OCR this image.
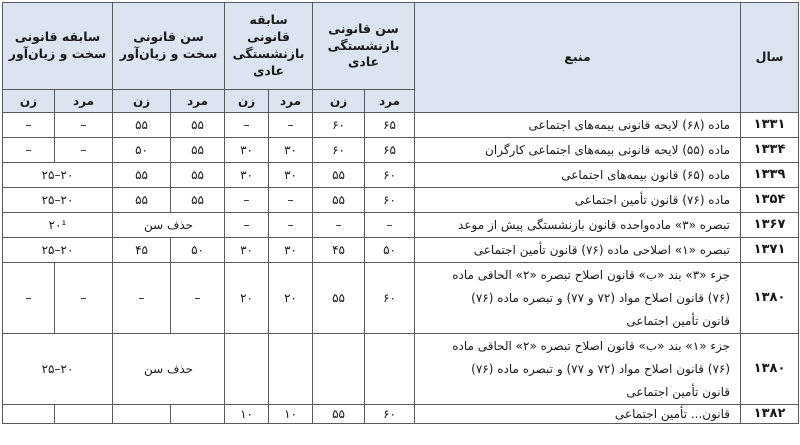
سال	منبع	سن قانونی بازنشستگی عادی		سابقه قانونی بازنشستگی عادی		سن قانونی سخت و زیان‌آور		سابقه قانونی سخت و زیان‌آور	
		مرد	زن	مرد	زن	مرد	زن	مرد	زن
۱۳۳۱	ماده (۶۸) لایحه قانونی بیمه‌های اجتماعی	۶۵	۶۰	–	–	۵۵	۵۵	–	–
۱۳۳۴	ماده (۵۵) لایحه قانونی بیمه‌های اجتماعی کارگران	۶۵	۶۰	۳۰	۳۰	۵۵	۵۰	–	–
۱۳۳۹	ماده (۶۵) قانون بیمه‌های اجتماعی	۶۰	۵۵	۳۰	۳۰	۵۵	۵۵	۲۰–۲۵	
۱۳۵۴	ماده (۷۶) قانون تأمین اجتماعی	۶۰	۵۵	–	–	۵۵	۵۵	۲۰–۲۵	
۱۳۶۷	تبصره «۳» ماده‌واحده قانون بازنشستگی پیش از موعد	–	–	–	–	حذف سن		۲۰¹	
۱۳۷۱	تبصره «۱» اصلاحی ماده (۷۶) قانون تأمین اجتماعی	۵۰	۴۵	۳۰	۳۰	۵۰	۴۵	۲۰–۲۵	
۱۳۸۰	جزء «۳» بند «ب» قانون اصلاح تبصره «۲» الحاقی ماده
(۷۶) قانون اصلاح مواد (۷۲ و ۷۷) و تبصره ماده (۷۶)
قانون تأمین اجتماعی	۶۰	۵۵	۲۰	۲۰	–	–	–	–
۱۳۸۰	جزء «۱» بند «ب» قانون اصلاح تبصره «۲» الحاقی ماده
(۷۶) قانون اصلاح مواد (۷۲ و ۷۷) و تبصره ماده (۷۶)
قانون تأمین اجتماعی					حذف سن		۲۰–۲۵	
۱۳۸۲	قانون... تأمین اجتماعی	۶۰	۵۵	۱۰	۱۰				
